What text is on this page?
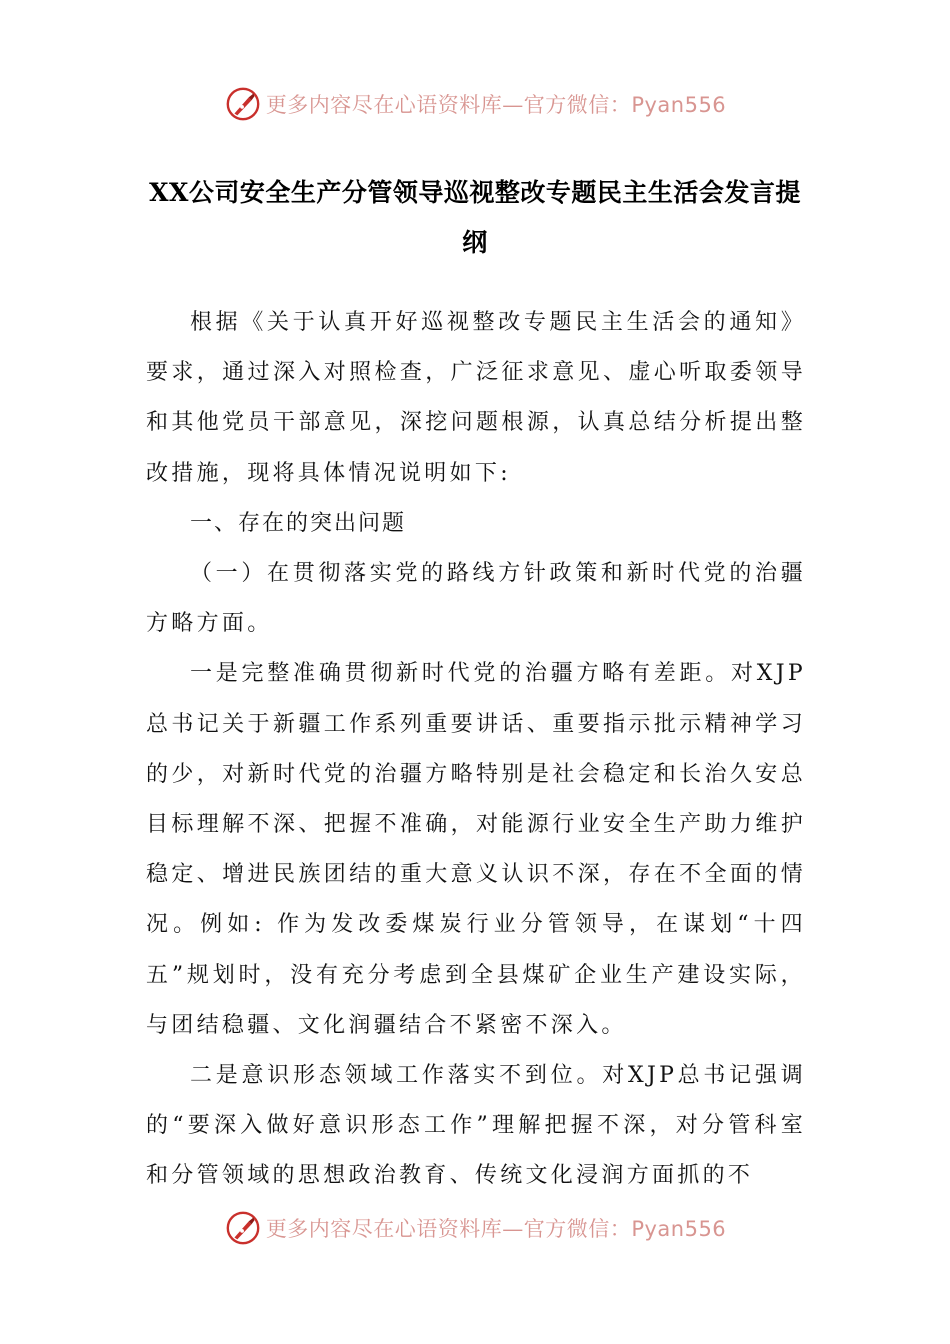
更多内容尽在心语资料库—官方微信：Pyan556
XX公司安全生产分管领导巡视整改专题民主生活会发言提纲

根据《关于认真开好巡视整改专题民主生活会的通知》要求，通过深入对照检查，广泛征求意见、虚心听取委领导和其他党员干部意见，深挖问题根源，认真总结分析提出整改措施，现将具体情况说明如下:

一、存在的突出问题

（一）在贯彻落实党的路线方针政策和新时代党的治疆方略方面。

一是完整准确贯彻新时代党的治疆方略有差距。对XJP总书记关于新疆工作系列重要讲话、重要指示批示精神学习的少，对新时代党的治疆方略特别是社会稳定和长治久安总目标理解不深、把握不准确，对能源行业安全生产助力维护稳定、增进民族团结的重大意义认识不深，存在不全面的情况。例如: 作为发改委煤炭行业分管领导，在谋划“十四五”规划时，没有充分考虑到全县煤矿企业生产建设实际，与团结稳疆、文化润疆结合不紧密不深入。

二是意识形态领域工作落实不到位。对XJP总书记强调的“要深入做好意识形态工作”理解把握不深，对分管科室和分管领域的思想政治教育、传统文化浸润方面抓的不

更多内容尽在心语资料库—官方微信：Pyan556
